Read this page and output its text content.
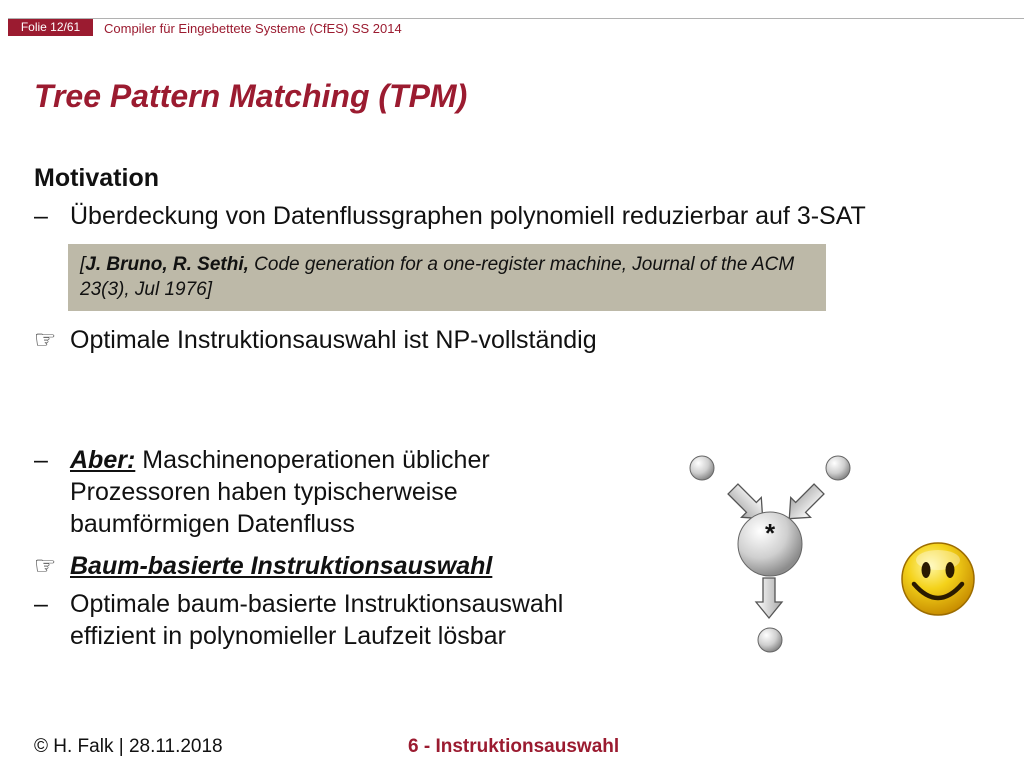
Folie 12/61	Compiler für Eingebettete Systeme (CfES) SS 2014
Tree Pattern Matching (TPM)
Motivation
– Überdeckung von Datenflussgraphen polynomiell reduzierbar auf 3-SAT
[J. Bruno, R. Sethi, Code generation for a one-register machine, Journal of the ACM 23(3), Jul 1976]
☞ Optimale Instruktionsauswahl ist NP-vollständig
– Aber: Maschinenoperationen üblicher
Prozessoren haben typischerweise
baumförmigen Datenfluss
☞ Baum-basierte Instruktionsauswahl
– Optimale baum-basierte Instruktionsauswahl
effizient in polynomieller Laufzeit lösbar
*
© H. Falk | 28.11.2018	6 - Instruktionsauswahl
